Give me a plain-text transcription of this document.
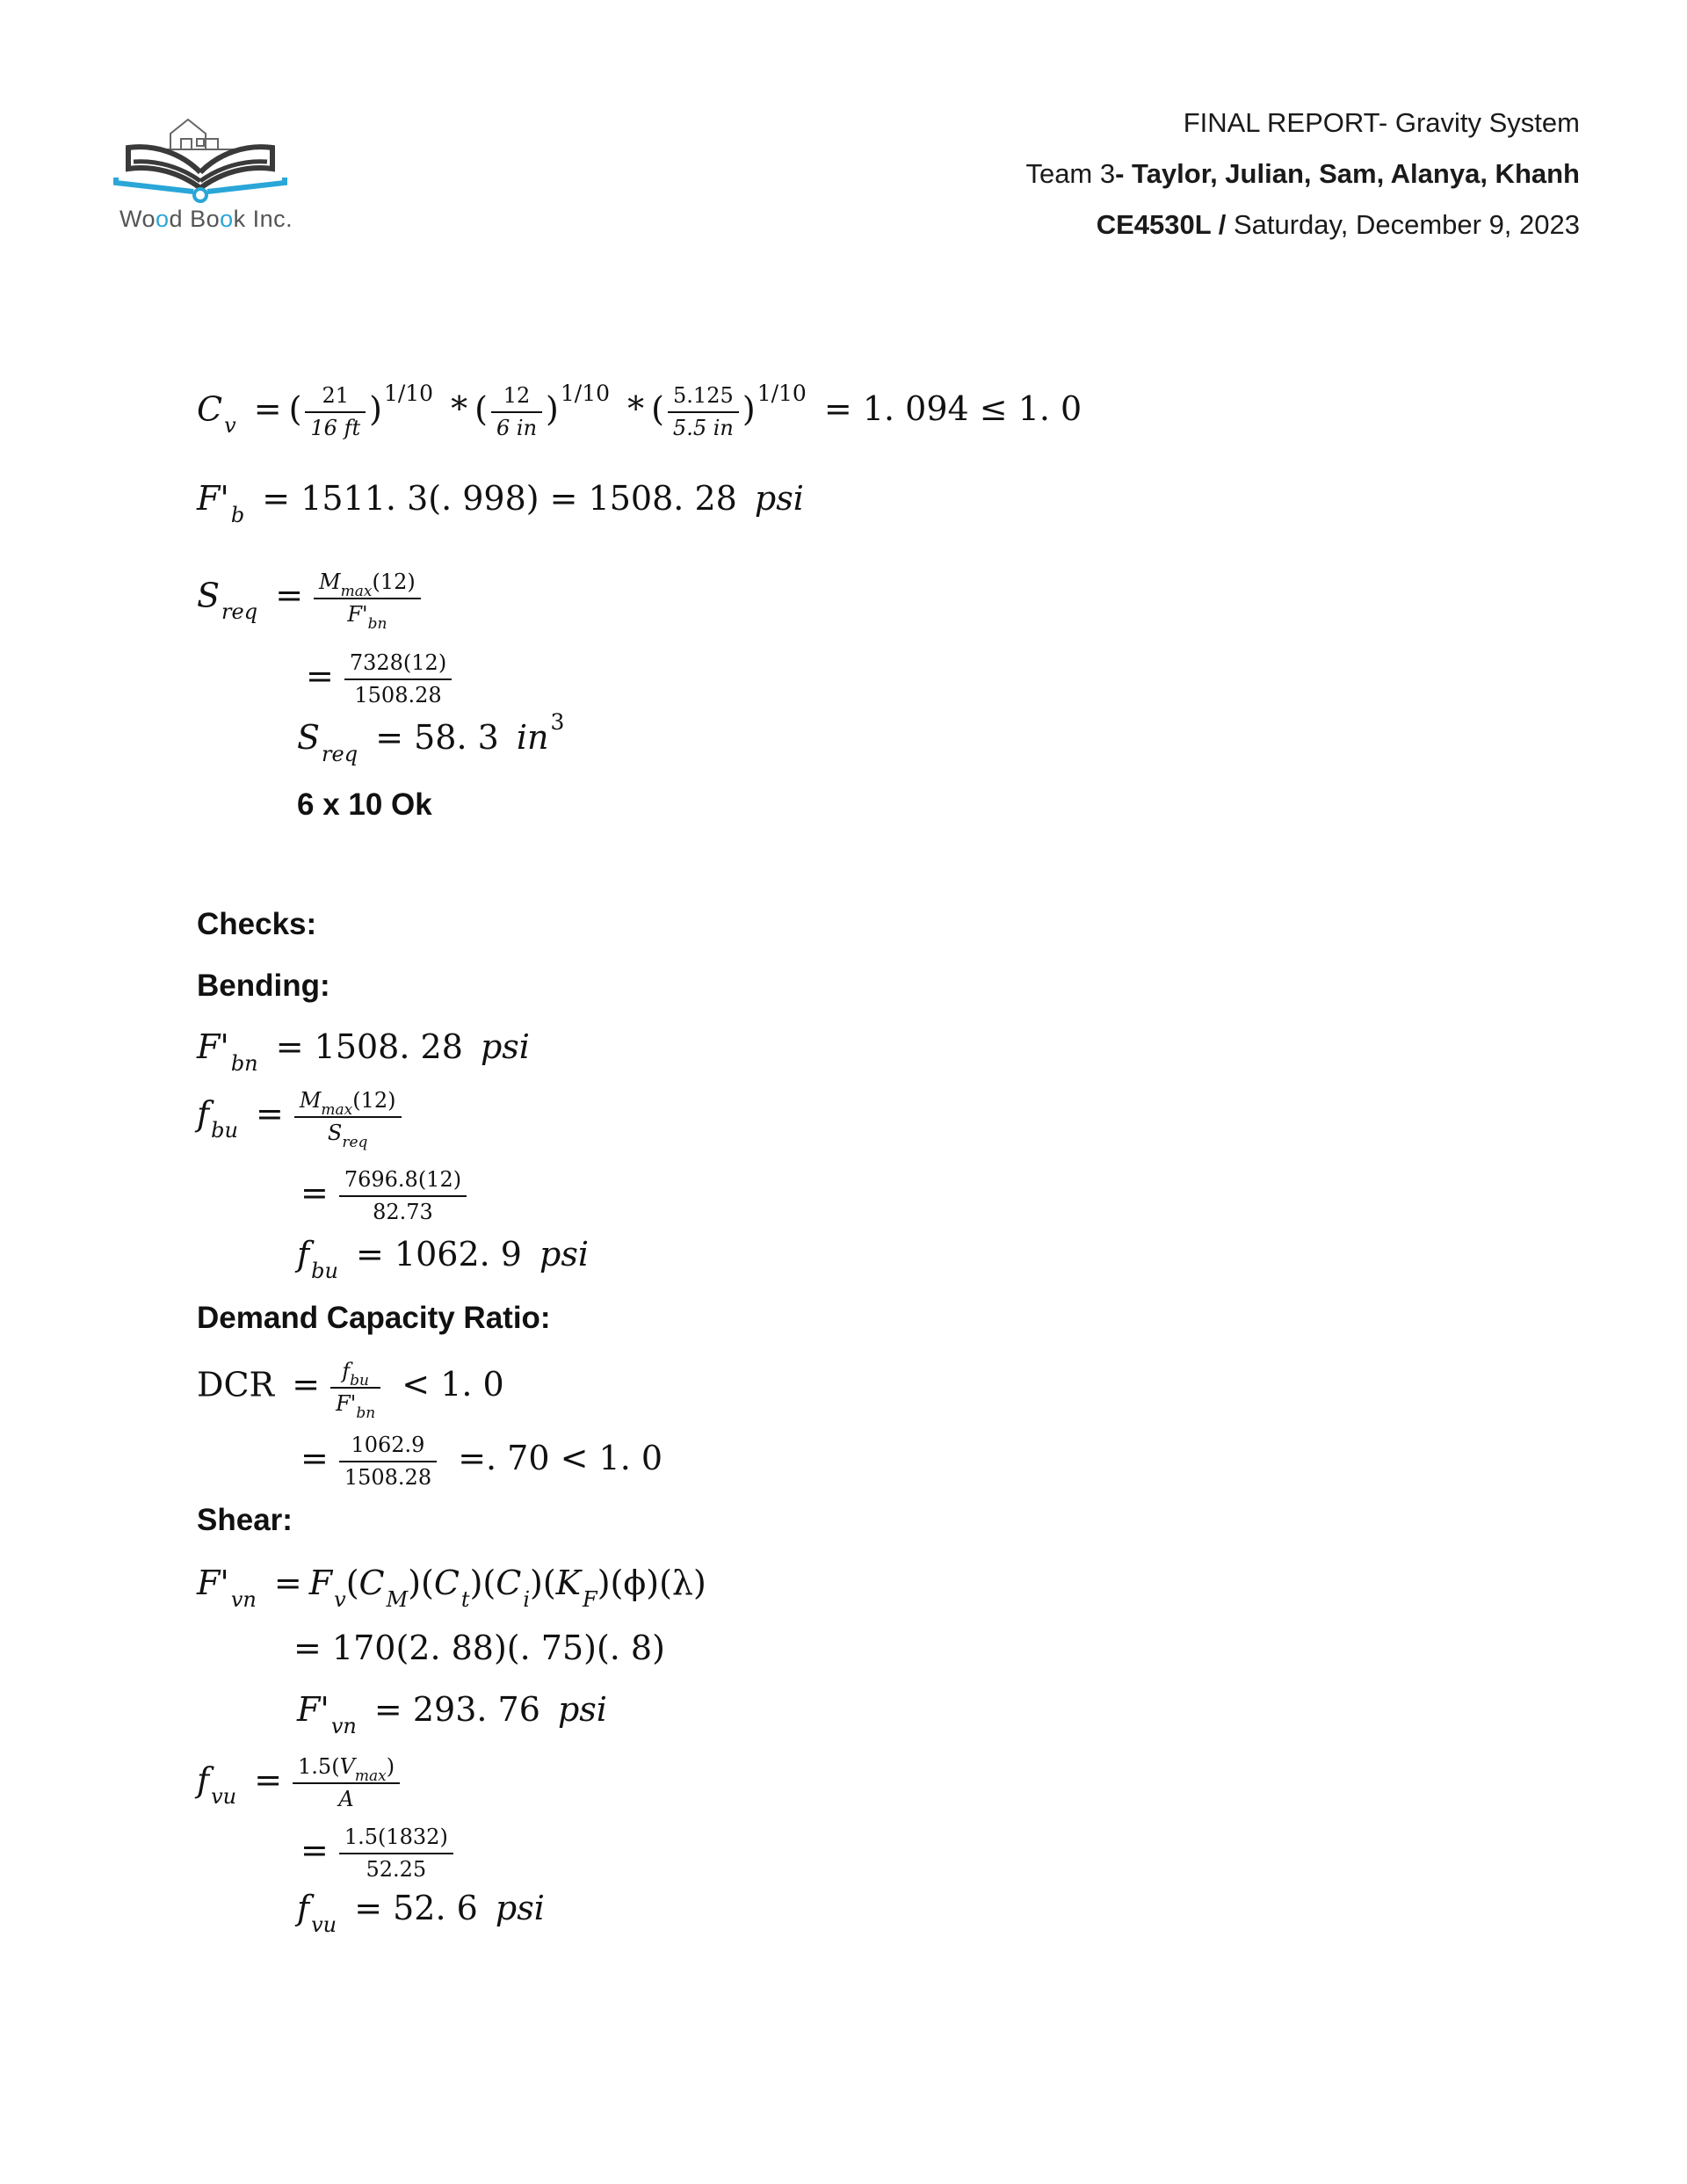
Wood Book Inc.
FINAL REPORT- Gravity System
Team 3- Taylor, Julian, Sam, Alanya, Khanh
CE4530L / Saturday, December 9, 2023
$C_v$ = ( $\frac{21}{16 ft} )^{1/10}$ * ( $\frac{12}{6 in} )^{1/10}$ * ( $\frac{5.125}{5.5 in} )^{1/10} = 1$. 094 ≤ 1. 0
$F'_b = 1511$. 3(. 998) = 1508. 28 psi
$S_{req} = \frac{M_{max}(12)}{F'_{bn}}$
= $\frac{7328(12)}{1508.28}$
$S_{req} = 58$. 3 $in^3$
6 x 10 Ok
Checks:
Bending:
$F'_{bn} = 1508$. 28 psi
$f_{bu} = \frac{M_{max}(12)}{S_{req}}$
= $\frac{7696.8(12)}{82.73}$
$f_{bu} = 1062$. 9 psi
Demand Capacity Ratio:
DCR = $\frac{f_{bu}}{F'_{bn}} < 1$. 0
= $\frac{1062.9}{1508.28}$ =. 70 < 1. 0
Shear:
$F'_{vn} = F_v(C_M)(C_t)(C_i)(K_F)(\phi)(\lambda)$
= 170(2. 88)(. 75)(. 8)
$F'_{vn} = 293$. 76 psi
$f_{vu} = \frac{1.5(V_{max})}{A}$
= $\frac{1.5(1832)}{52.25}$
$f_{vu} = 52$. 6 psi
